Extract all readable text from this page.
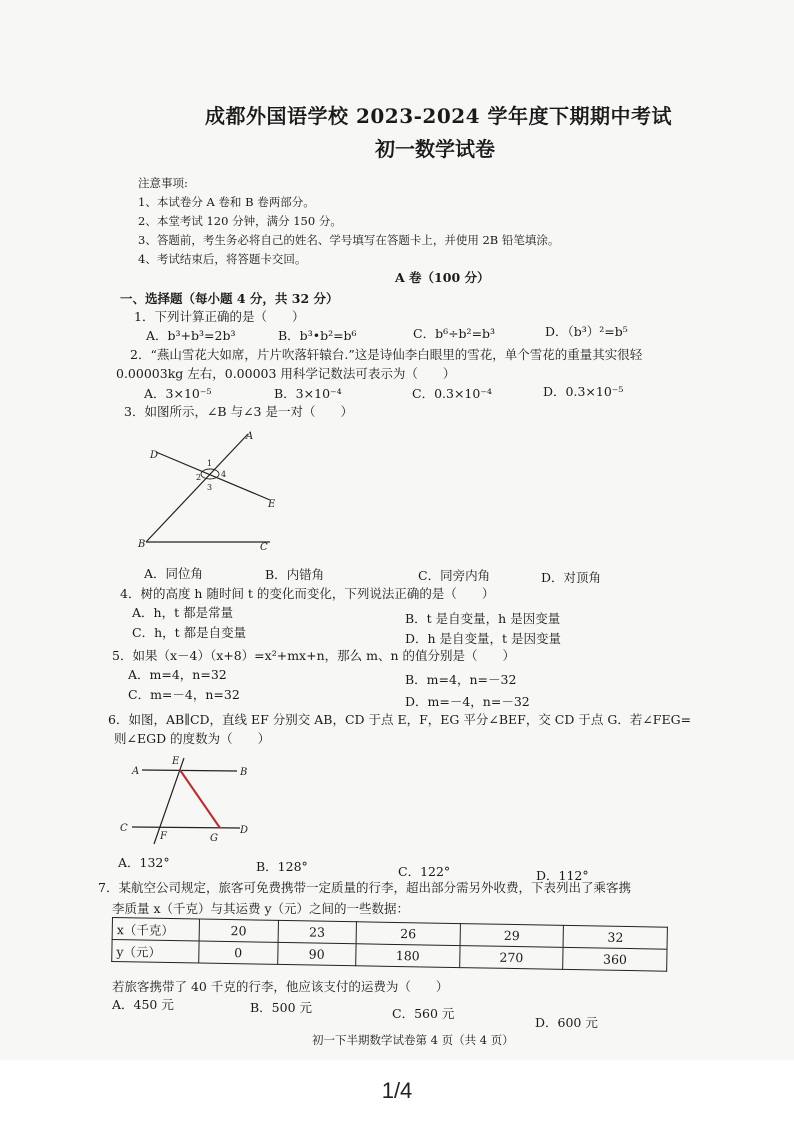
成都外国语学校 2023-2024 学年度下期期中考试
初一数学试卷
注意事项:
1、本试卷分 A 卷和 B 卷两部分。
2、本堂考试 120 分钟，满分 150 分。
3、答题前，考生务必将自己的姓名、学号填写在答题卡上，并使用 2B 铅笔填涂。
4、考试结束后，将答题卡交回。
A 卷（100 分）
一、选择题（每小题 4 分，共 32 分）
1．下列计算正确的是（　　）
A．b³+b³=2b³	B．b³•b²=b⁶	C．b⁶÷b²=b³	D．（b³）²=b⁵
2．“燕山雪花大如席，片片吹落轩辕台.”这是诗仙李白眼里的雪花，单个雪花的重量其实很轻
0.00003kg 左右，0.00003 用科学记数法可表示为（　　）
A．3×10⁻⁵	B．3×10⁻⁴	C．0.3×10⁻⁴	D．0.3×10⁻⁵
3．如图所示，∠B 与∠3 是一对（　　）
A
B	C
D
E
1
2
3
4
A．同位角	B．内错角	C．同旁内角	D．对顶角
4．树的高度 h 随时间 t 的变化而变化，下列说法正确的是（　　）
A．h，t 都是常量	B．t 是自变量，h 是因变量
C．h，t 都是自变量	D．h 是自变量，t 是因变量
5．如果（x－4）（x+8）=x²+mx+n，那么 m、n 的值分别是（　　）
A．m=4，n=32	B．m=4，n=－32
C．m=－4，n=32	D．m=－4，n=－32
6．如图，AB∥CD，直线 EF 分别交 AB，CD 于点 E，F，EG 平分∠BEF，交 CD 于点 G．若∠FEG=
则∠EGD 的度数为（　　）
A	B
C	D
E
F	G
A．132°	B．128°	C．122°	D．112°
7．某航空公司规定，旅客可免费携带一定质量的行李，超出部分需另外收费，下表列出了乘客携
李质量 x（千克）与其运费 y（元）之间的一些数据：
x（千克）	20	23	26	29	32
y（元）	0	90	180	270	360
若旅客携带了 40 千克的行李，他应该支付的运费为（　　）
A．450 元	B．500 元	C．560 元
D．600 元
初一下半期数学试卷第 4 页（共 4 页）
1/4
